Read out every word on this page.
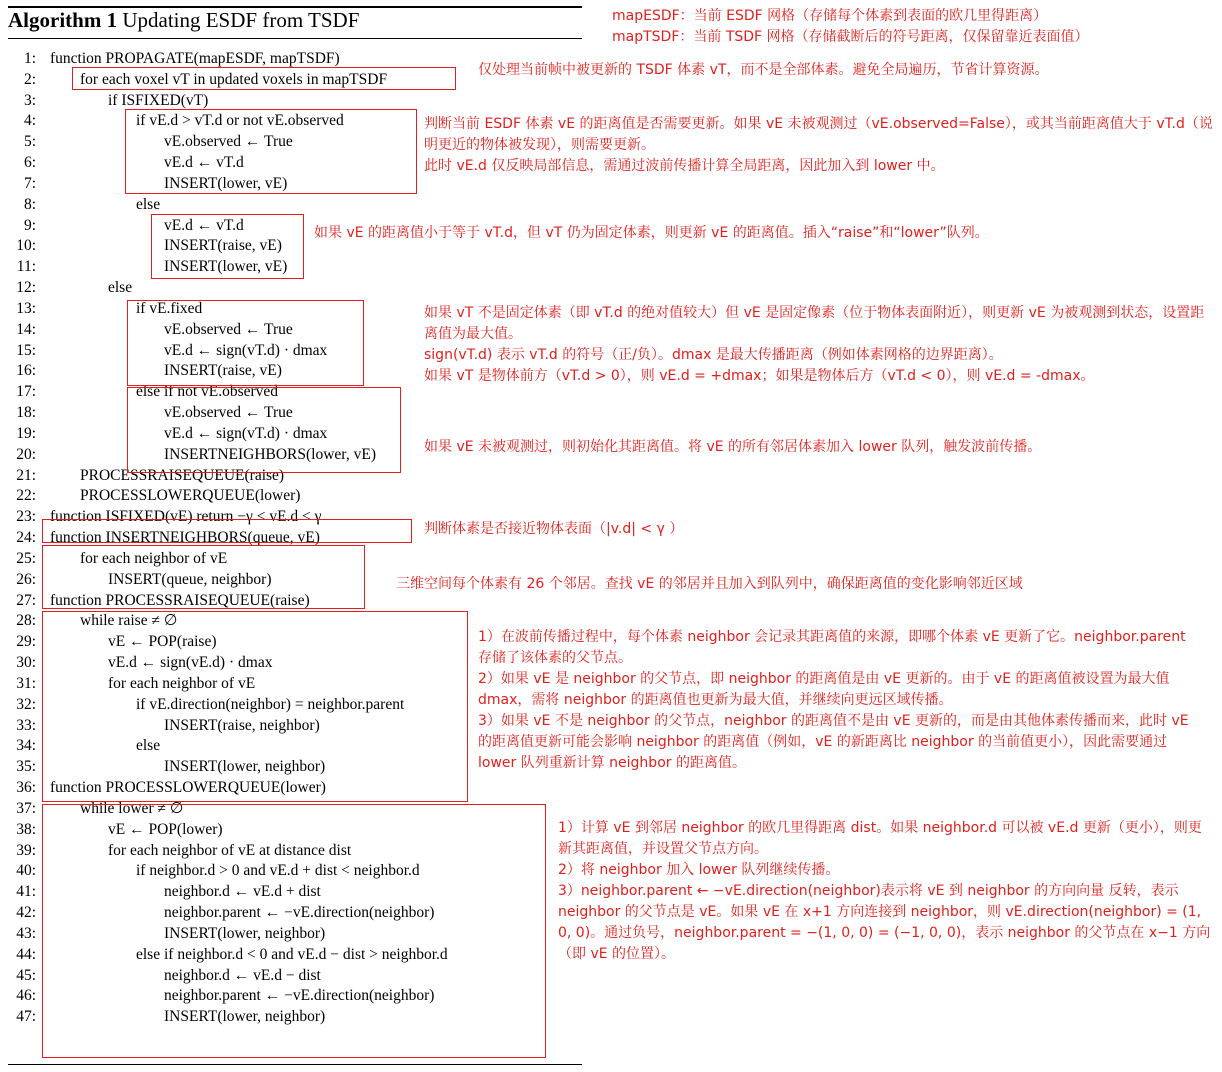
Algorithm 1 Updating ESDF from TSDF
1: function PROPAGATE(mapESDF, mapTSDF)
2:	for each voxel vT in updated voxels in mapTSDF
3:	if ISFIXED(vT)
4:	if vE.d > vT.d or not vE.observed
5:	vE.observed ← True
6:	vE.d ← vT.d
7:	INSERT(lower, vE)
8:	else
9:	vE.d ← vT.d
10:	INSERT(raise, vE)
11:	INSERT(lower, vE)
12:	else
13:	if vE.fixed
14:	vE.observed ← True
15:	vE.d ← sign(vT.d) · dmax
16:	INSERT(raise, vE)
17:	else if not vE.observed
18:	vE.observed ← True
19:	vE.d ← sign(vT.d) · dmax
20:	INSERTNEIGHBORS(lower, vE)
21:	PROCESSRAISEQUEUE(raise)
22:	PROCESSLOWERQUEUE(lower)
23: function ISFIXED(vE) return −γ < vE.d < γ
24: function INSERTNEIGHBORS(queue, vE)
25:	for each neighbor of vE
26:	INSERT(queue, neighbor)
27: function PROCESSRAISEQUEUE(raise)
28:	while raise ≠ ∅
29:	vE ← POP(raise)
30:	vE.d ← sign(vE.d) · dmax
31:	for each neighbor of vE
32:	if vE.direction(neighbor) = neighbor.parent
33:	INSERT(raise, neighbor)
34:	else
35:	INSERT(lower, neighbor)
36: function PROCESSLOWERQUEUE(lower)
37:	while lower ≠ ∅
38:	vE ← POP(lower)
39:	for each neighbor of vE at distance dist
40:	if neighbor.d > 0 and vE.d + dist < neighbor.d
41:	neighbor.d ← vE.d + dist
42:	neighbor.parent ← −vE.direction(neighbor)
43:	INSERT(lower, neighbor)
44:	else if neighbor.d < 0 and vE.d − dist > neighbor.d
45:	neighbor.d ← vE.d − dist
46:	neighbor.parent ← −vE.direction(neighbor)
47:	INSERT(lower, neighbor)
mapESDF：当前 ESDF 网格（存储每个体素到表面的欧几里得距离）
mapTSDF：当前 TSDF 网格（存储截断后的符号距离，仅保留靠近表面值）
仅处理当前帧中被更新的 TSDF 体素 vT，而不是全部体素。避免全局遍历，节省计算资源。
判断当前 ESDF 体素 vE 的距离值是否需要更新。如果 vE 未被观测过（vE.observed=False），或其当前距离值大于 vT.d（说明更近的物体被发现），则需要更新。
此时 vE.d 仅反映局部信息，需通过波前传播计算全局距离，因此加入到 lower 中。
如果 vE 的距离值小于等于 vT.d，但 vT 仍为固定体素，则更新 vE 的距离值。插入“raise”和“lower”队列。
如果 vT 不是固定体素（即 vT.d 的绝对值较大）但 vE 是固定像素（位于物体表面附近），则更新 vE 为被观测到状态，设置距离值为最大值。
sign(vT.d) 表示 vT.d 的符号（正/负）。dmax 是最大传播距离（例如体素网格的边界距离）。
如果 vT 是物体前方（vT.d > 0），则 vE.d = +dmax；如果是物体后方（vT.d < 0），则 vE.d = -dmax。
如果 vE 未被观测过，则初始化其距离值。将 vE 的所有邻居体素加入 lower 队列，触发波前传播。
判断体素是否接近物体表面（|v.d| < γ ）
三维空间每个体素有 26 个邻居。查找 vE 的邻居并且加入到队列中，确保距离值的变化影响邻近区域
1）在波前传播过程中，每个体素 neighbor 会记录其距离值的来源，即哪个体素 vE 更新了它。neighbor.parent 存储了该体素的父节点。
2）如果 vE 是 neighbor 的父节点，即 neighbor 的距离值是由 vE 更新的。由于 vE 的距离值被设置为最大值 dmax，需将 neighbor 的距离值也更新为最大值，并继续向更远区域传播。
3）如果 vE 不是 neighbor 的父节点，neighbor 的距离值不是由 vE 更新的，而是由其他体素传播而来，此时 vE 的距离值更新可能会影响 neighbor 的距离值（例如，vE 的新距离比 neighbor 的当前值更小），因此需要通过 lower 队列重新计算 neighbor 的距离值。
1）计算 vE 到邻居 neighbor 的欧几里得距离 dist。如果 neighbor.d 可以被 vE.d 更新（更小），则更新其距离值，并设置父节点方向。
2）将 neighbor 加入 lower 队列继续传播。
3）neighbor.parent ← −vE.direction(neighbor)表示将 vE 到 neighbor 的方向向量 反转，表示 neighbor 的父节点是 vE。如果 vE 在 x+1 方向连接到 neighbor，则 vE.direction(neighbor) = (1, 0, 0)。通过负号，neighbor.parent = −(1, 0, 0) = (−1, 0, 0)，表示 neighbor 的父节点在 x−1 方向（即 vE 的位置）。
